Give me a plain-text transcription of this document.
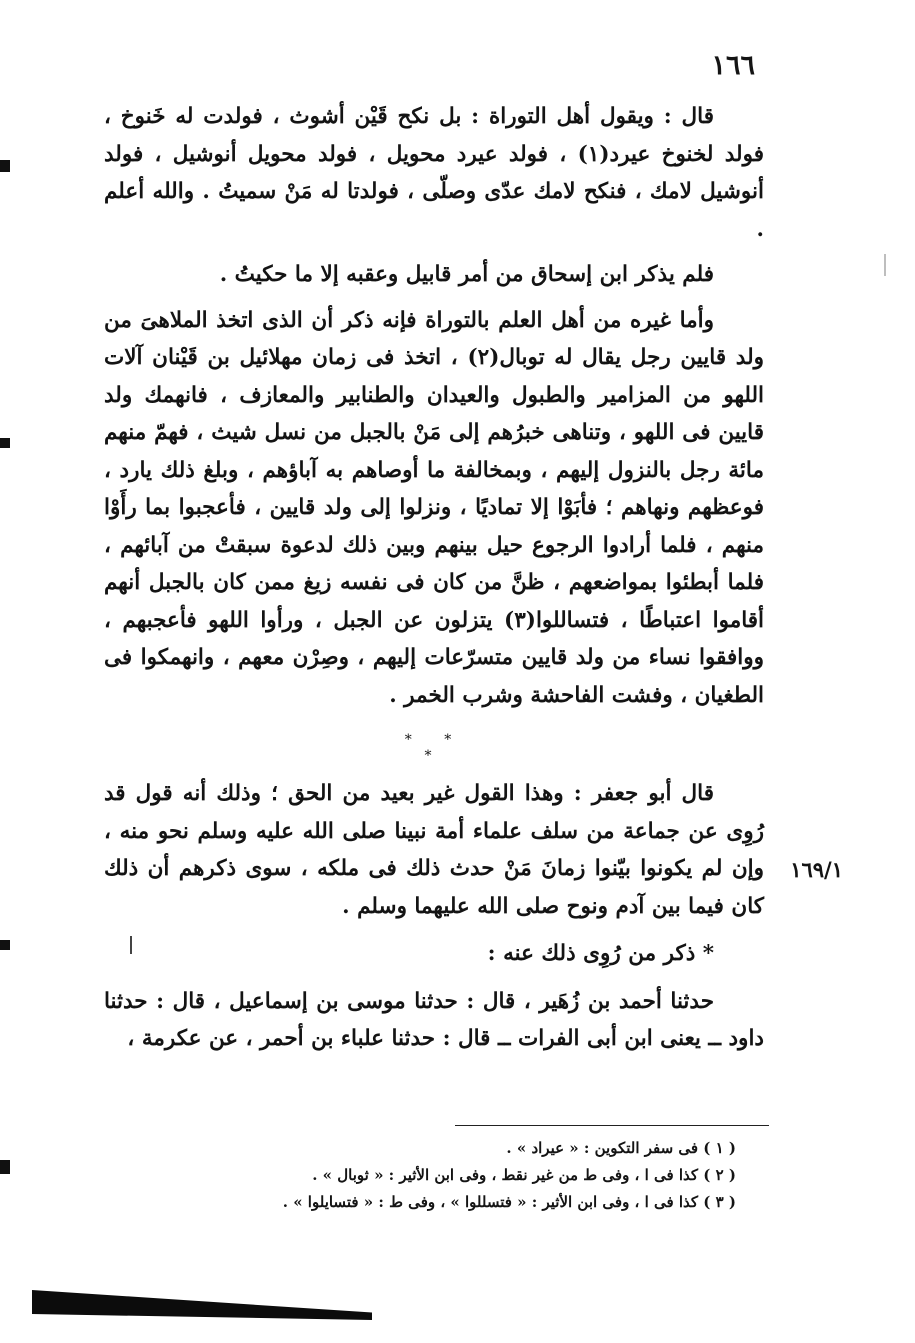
١٦٦

قال : ويقول أهل التوراة : بل نكح قَيْن أشوث ، فولدت له خَنوخ ، فولد لخنوخ عيرد(١) ، فولد عيرد محويل ، فولد محويل أنوشيل ، فولد أنوشيل لامك ، فنكح لامك عدّى وصلّى ، فولدتا له مَنْ سميتُ . والله أعلم .

فلم يذكر ابن إسحاق من أمر قابيل وعقبه إلا ما حكيتُ .

وأما غيره من أهل العلم بالتوراة فإنه ذكر أن الذى اتخذ الملاهىَ من ولد قايين رجل يقال له توبال(٢) ، اتخذ فى زمان مهلائيل بن قَيْنان آلات اللهو من المزامير والطبول والعيدان والطنابير والمعازف ، فانهمك ولد قايين فى اللهو ، وتناهى خبرُهم إلى مَنْ بالجبل من نسل شيث ، فهمّ منهم مائة رجل بالنزول إليهم ، وبمخالفة ما أوصاهم به آباؤهم ، وبلغ ذلك يارد ، فوعظهم ونهاهم ؛ فأبَوْا إلا تماديًا ، ونزلوا إلى ولد قايين ، فأعجبوا بما رأَوْا منهم ، فلما أرادوا الرجوع حيل بينهم وبين ذلك لدعوة سبقتْ من آبائهم ، فلما أبطئوا بمواضعهم ، ظنَّ من كان فى نفسه زيغ ممن كان بالجبل أنهم أقاموا اعتباطًا ، فتساللوا(٣) يتزلون عن الجبل ، ورأوا اللهو فأعجبهم ، ووافقوا نساء من ولد قايين متسرّعات إليهم ، وصِرْن معهم ، وانهمكوا فى الطغيان ، وفشت الفاحشة وشرب الخمر .

* * *

قال أبو جعفر : وهذا القول غير بعيد من الحق ؛ وذلك أنه قول قد رُوِى عن جماعة من سلف علماء أمة نبينا صلى الله عليه وسلم نحو منه ، وإن لم يكونوا بيّنوا زمانَ مَنْ حدث ذلك فى ملكه ، سوى ذكرهم أن ذلك كان فيما بين آدم ونوح صلى الله عليهما وسلم .

* ذكر من رُوِى ذلك عنه :

حدثنا أحمد بن زُهَير ، قال : حدثنا موسى بن إسماعيل ، قال : حدثنا داود ــ يعنى ابن أبى الفرات ــ قال : حدثنا علباء بن أحمر ، عن عكرمة ،

١٦٩/١
( ١ ) فى سفر التكوين : « عيراد » .
( ٢ ) كذا فى ا ، وفى ط من غير نقط ، وفى ابن الأثير : « ثوبال » .
( ٣ ) كذا فى ا ، وفى ابن الأثير : « فتسللوا » ، وفى ط : « فتسايلوا » .
